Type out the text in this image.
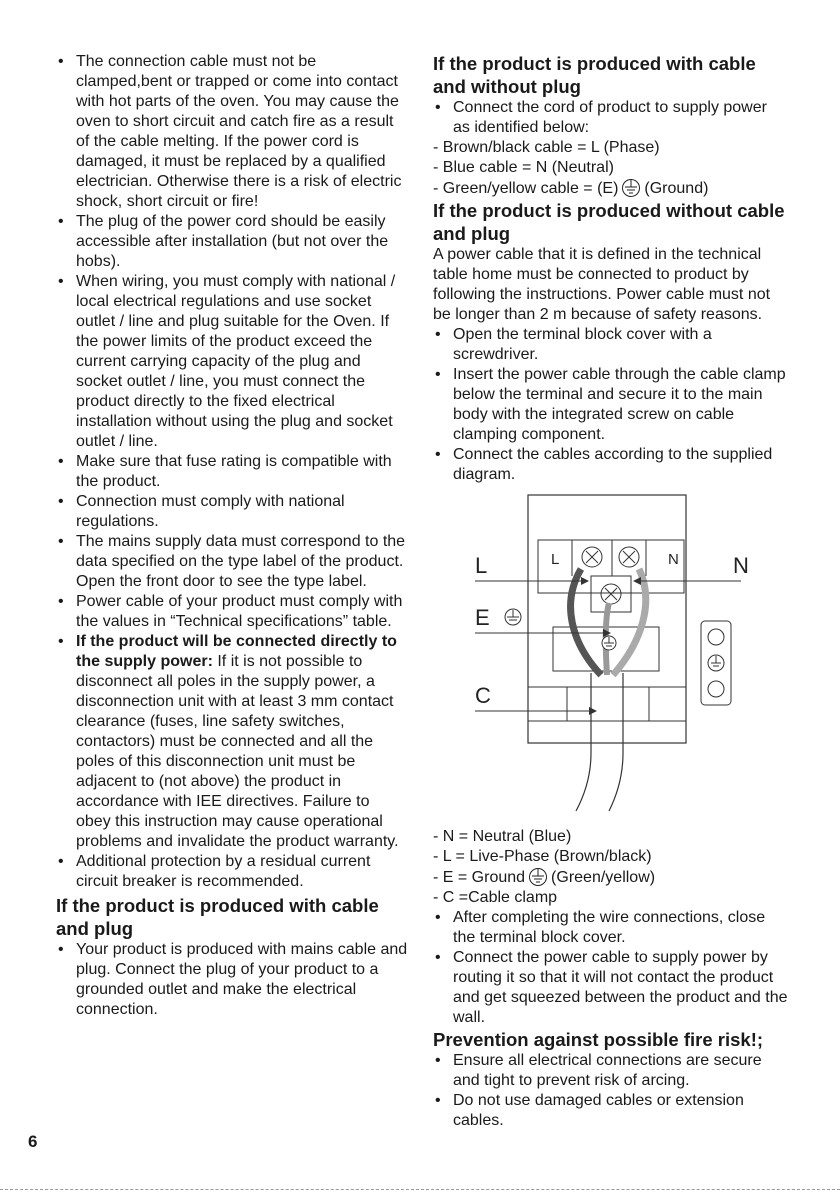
• The connection cable must not be clamped,bent or trapped or come into contact with hot parts of the oven. You may cause the oven to short circuit and catch fire as a result of the cable melting. If the power cord is damaged, it must be replaced by a qualified electrician. Otherwise there is a risk of electric shock, short circuit or fire!
• The plug of the power cord should be easily accessible after installation (but not over the hobs).
• When wiring, you must comply with national / local electrical regulations and use socket outlet / line and plug suitable for the Oven. If the power limits of the product exceed the current carrying capacity of the plug and socket outlet / line, you must connect the product directly to the fixed electrical installation without using the plug and socket outlet / line.
• Make sure that fuse rating is compatible with the product.
• Connection must comply with national regulations.
• The mains supply data must correspond to the data specified on the type label of the product. Open the front door to see the type label.
• Power cable of your product must comply with the values in “Technical specifications” table.
• If the product will be connected directly to the supply power: If it is not possible to disconnect all poles in the supply power, a disconnection unit with at least 3 mm contact clearance (fuses, line safety switches, contactors) must be connected and all the poles of this disconnection unit must be adjacent to (not above) the product in accordance with IEE directives. Failure to obey this instruction may cause operational problems and invalidate the product warranty.
• Additional protection by a residual current circuit breaker is recommended.
If the product is produced with cable and plug
• Your product is produced with mains cable and plug. Connect the plug of your product to a grounded outlet and make the electrical connection.
If the product is produced with cable and without plug
• Connect the cord of product to supply power as identified below:
- Brown/black cable = L (Phase)
- Blue cable = N (Neutral)
- Green/yellow cable = (E) (Ground)
If the product is produced without cable and plug
A power cable that it is defined in the technical table home must be connected to product by following the instructions. Power cable must not be longer than 2 m because of safety reasons.
• Open the terminal block cover with a screwdriver.
• Insert the power cable through the cable clamp below the terminal and secure it to the main body with the integrated screw on cable clamping component.
• Connect the cables according to the supplied diagram.
L	L	N N
E
C
- N = Neutral (Blue)
- L = Live-Phase (Brown/black)
- E = Ground (Green/yellow)
- C =Cable clamp
• After completing the wire connections, close the terminal block cover.
• Connect the power cable to supply power by routing it so that it will not contact the product and get squeezed between the product and the wall.
Prevention against possible fire risk!;
• Ensure all electrical connections are secure and tight to prevent risk of arcing.
• Do not use damaged cables or extension cables.
6
